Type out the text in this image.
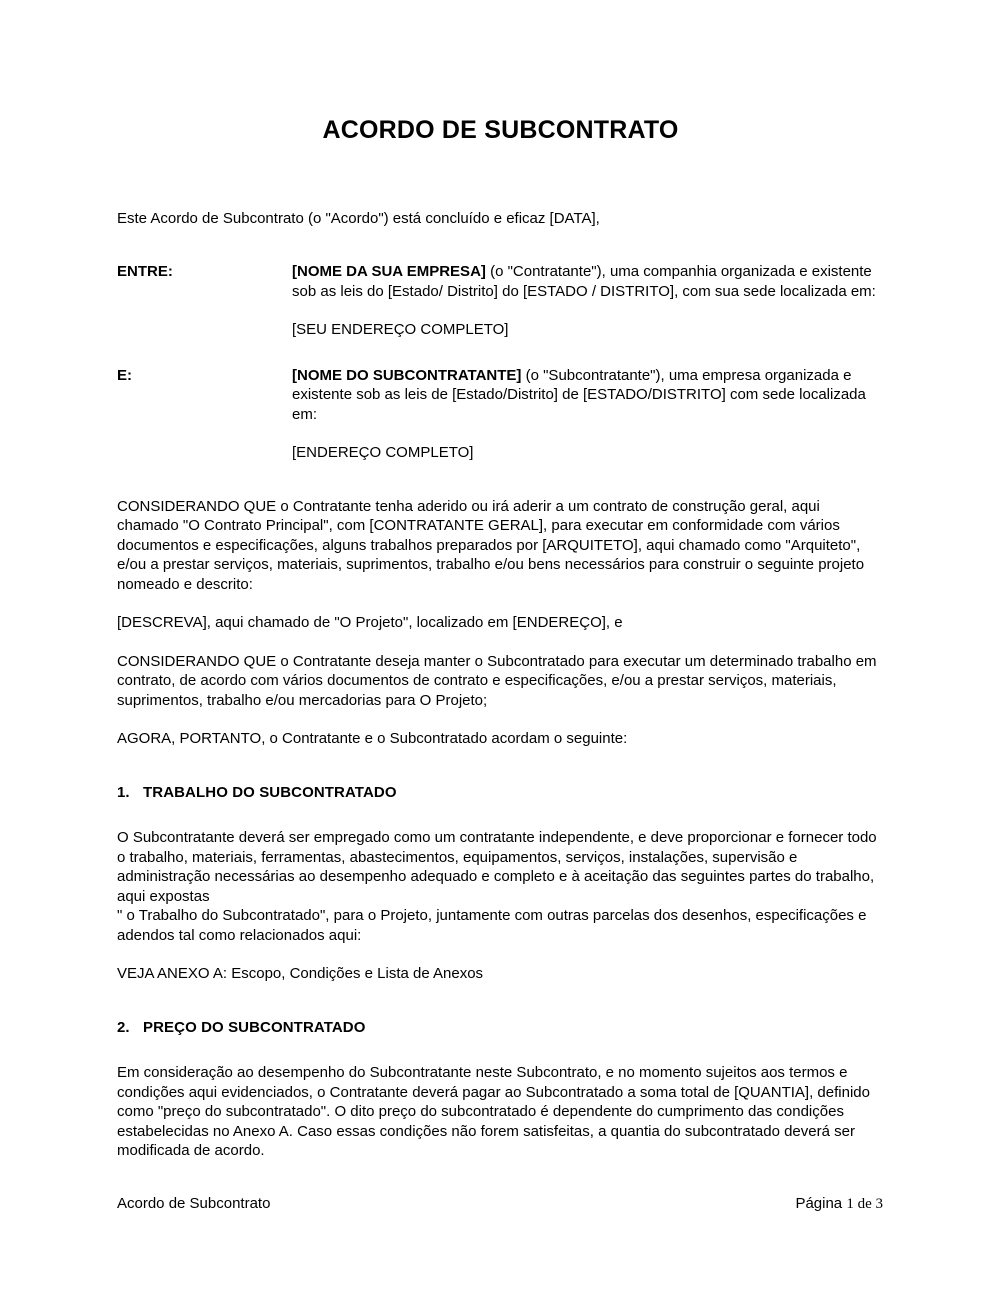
ACORDO DE SUBCONTRATO

Este Acordo de Subcontrato (o "Acordo") está concluído e eficaz [DATA],

ENTRE:	[NOME DA SUA EMPRESA] (o "Contratante"), uma companhia organizada e existente sob as leis do [Estado/ Distrito] do [ESTADO / DISTRITO], com sua sede localizada em:
[SEU ENDEREÇO COMPLETO]
E:	[NOME DO SUBCONTRATANTE] (o "Subcontratante"), uma empresa organizada e existente sob as leis de [Estado/Distrito] de [ESTADO/DISTRITO] com sede localizada em:
[ENDEREÇO COMPLETO]

CONSIDERANDO QUE o Contratante tenha aderido ou irá aderir a um contrato de construção geral, aqui chamado "O Contrato Principal", com [CONTRATANTE GERAL], para executar em conformidade com vários documentos e especificações, alguns trabalhos preparados por [ARQUITETO], aqui chamado como "Arquiteto", e/ou a prestar serviços, materiais, suprimentos, trabalho e/ou bens necessários para construir o seguinte projeto nomeado e descrito:

[DESCREVA], aqui chamado de "O Projeto", localizado em [ENDEREÇO], e

CONSIDERANDO QUE o Contratante deseja manter o Subcontratado para executar um determinado trabalho em contrato, de acordo com vários documentos de contrato e especificações, e/ou a prestar serviços, materiais, suprimentos, trabalho e/ou mercadorias para O Projeto;

AGORA, PORTANTO, o Contratante e o Subcontratado acordam o seguinte:

1. TRABALHO DO SUBCONTRATADO

O Subcontratante deverá ser empregado como um contratante independente, e deve proporcionar e fornecer todo o trabalho, materiais, ferramentas, abastecimentos, equipamentos, serviços, instalações, supervisão e administração necessárias ao desempenho adequado e completo e à aceitação das seguintes partes do trabalho, aqui expostas

" o Trabalho do Subcontratado", para o Projeto, juntamente com outras parcelas dos desenhos, especificações e adendos tal como relacionados aqui:

VEJA ANEXO A: Escopo, Condições e Lista de Anexos

2. PREÇO DO SUBCONTRATADO

Em consideração ao desempenho do Subcontratante neste Subcontrato, e no momento sujeitos aos termos e condições aqui evidenciados, o Contratante deverá pagar ao Subcontratado a soma total de [QUANTIA], definido como "preço do subcontratado". O dito preço do subcontratado é dependente do cumprimento das condições estabelecidas no Anexo A. Caso essas condições não forem satisfeitas, a quantia do subcontratado deverá ser modificada de acordo.

Acordo de Subcontrato	Página 1 de 3
